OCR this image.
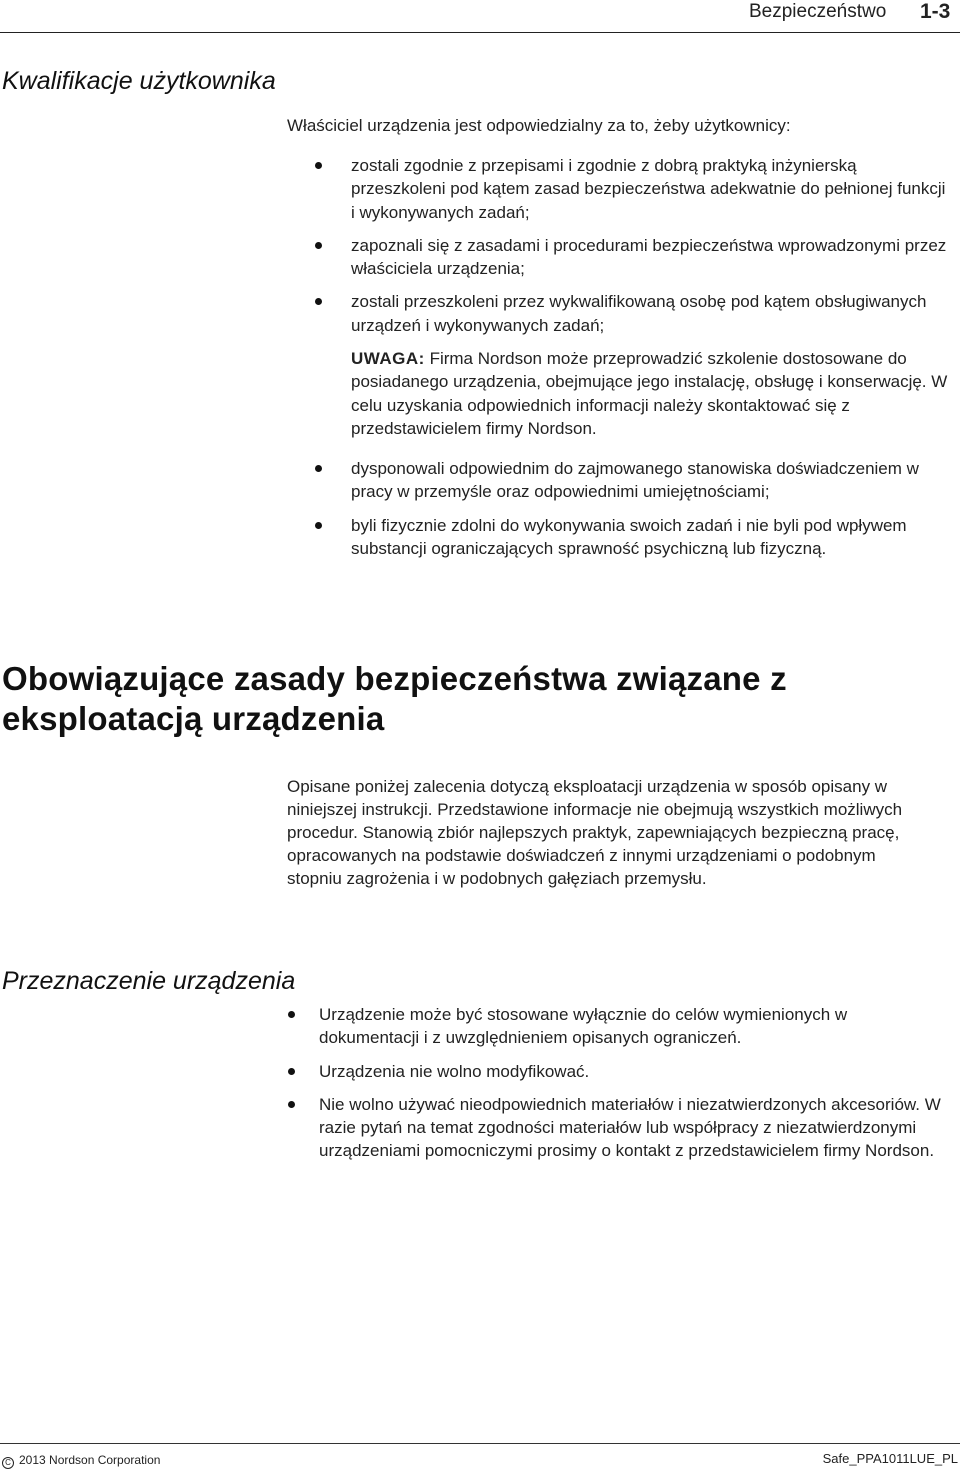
Bezpieczeństwo 1-3
Kwalifikacje użytkownika

Właściciel urządzenia jest odpowiedzialny za to, żeby użytkownicy:

zostali zgodnie z przepisami i zgodnie z dobrą praktyką inżynierską przeszkoleni pod kątem zasad bezpieczeństwa adekwatnie do pełnionej funkcji i wykonywanych zadań;
zapoznali się z zasadami i procedurami bezpieczeństwa wprowadzonymi przez właściciela urządzenia;
zostali przeszkoleni przez wykwalifikowaną osobę pod kątem obsługiwanych urządzeń i wykonywanych zadań;
UWAGA: Firma Nordson może przeprowadzić szkolenie dostosowane do posiadanego urządzenia, obejmujące jego instalację, obsługę i konserwację. W celu uzyskania odpowiednich informacji należy skontaktować się z przedstawicielem firmy Nordson.
dysponowali odpowiednim do zajmowanego stanowiska doświadczeniem w pracy w przemyśle oraz odpowiednimi umiejętnościami;
byli fizycznie zdolni do wykonywania swoich zadań i nie byli pod wpływem substancji ograniczających sprawność psychiczną lub fizyczną.
Obowiązujące zasady bezpieczeństwa związane z eksploatacją urządzenia

Opisane poniżej zalecenia dotyczą eksploatacji urządzenia w sposób opisany w niniejszej instrukcji. Przedstawione informacje nie obejmują wszystkich możliwych procedur. Stanowią zbiór najlepszych praktyk, zapewniających bezpieczną pracę, opracowanych na podstawie doświadczeń z innymi urządzeniami o podobnym stopniu zagrożenia i w podobnych gałęziach przemysłu.

Przeznaczenie urządzenia
Urządzenie może być stosowane wyłącznie do celów wymienionych w dokumentacji i z uwzględnieniem opisanych ograniczeń.
Urządzenia nie wolno modyfikować.
Nie wolno używać nieodpowiednich materiałów i niezatwierdzonych akcesoriów. W razie pytań na temat zgodności materiałów lub współpracy z niezatwierdzonymi urządzeniami pomocniczymi prosimy o kontakt z przedstawicielem firmy Nordson.
C 2013 Nordson Corporation	Safe_PPA1011LUE_PL
